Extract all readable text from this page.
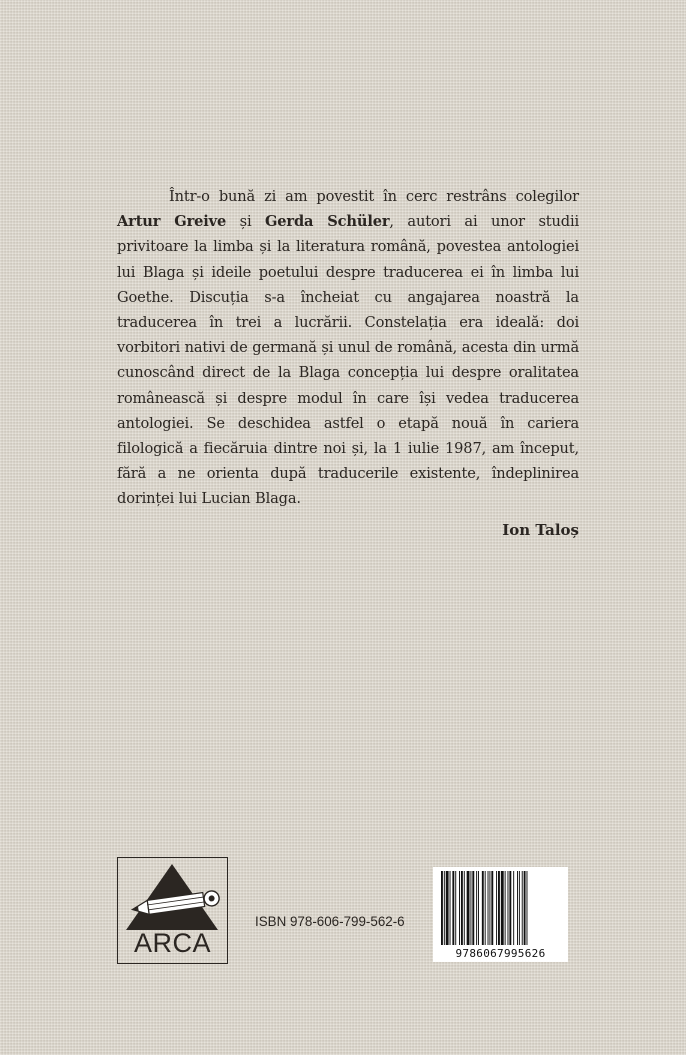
Într-o bună zi am povestit în cerc restrâns colegilor Artur Greive și Gerda Schüler, autori ai unor studii privitoare la limba și la literatura română, povestea antologiei lui Blaga și ideile poetului despre traducerea ei în limba lui Goethe. Discuția s-a încheiat cu angajarea noastră la traducerea în trei a lucrării. Constelația era ideală: doi vorbitori nativi de germană și unul de română, acesta din urmă cunoscând direct de la Blaga concepția lui despre oralitatea românească și despre modul în care își vedea traducerea antologiei. Se deschidea astfel o etapă nouă în cariera filologică a fiecăruia dintre noi și, la 1 iulie 1987, am început, fără a ne orienta după traducerile existente, îndeplinirea dorinței lui Lucian Blaga.

Ion Taloș
ARCA
ISBN 978-606-799-562-6
9786067995626
